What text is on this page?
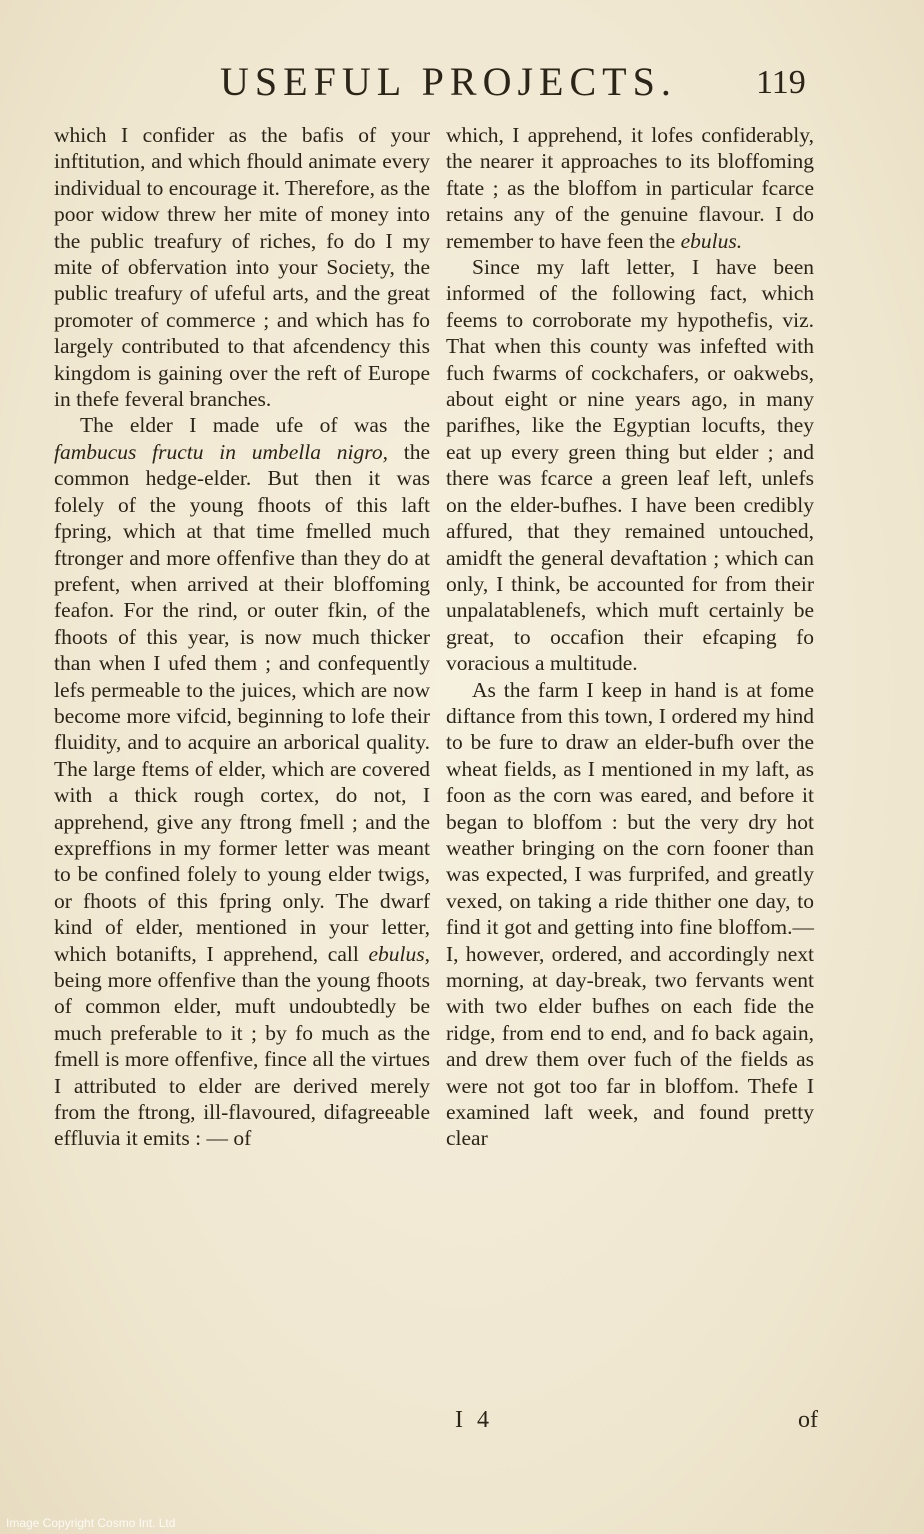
USEFUL PROJECTS. 119

which I confider as the bafis of your inftitution, and which fhould animate every individual to encourage it. Therefore, as the poor widow threw her mite of money into the public treafury of riches, fo do I my mite of obfervation into your Society, the public treafury of ufeful arts, and the great promoter of commerce ; and which has fo largely contributed to that afcendency this kingdom is gaining over the reft of Europe in thefe feveral branches.

The elder I made ufe of was the fambucus fructu in umbella nigro, the common hedge-elder. But then it was folely of the young fhoots of this laft fpring, which at that time fmelled much ftronger and more offenfive than they do at prefent, when arrived at their bloffoming feafon. For the rind, or outer fkin, of the fhoots of this year, is now much thicker than when I ufed them ; and confequently lefs permeable to the juices, which are now become more vifcid, beginning to lofe their fluidity, and to acquire an arborical quality. The large ftems of elder, which are covered with a thick rough cortex, do not, I apprehend, give any ftrong fmell ; and the expreffions in my former letter was meant to be confined folely to young elder twigs, or fhoots of this fpring only. The dwarf kind of elder, mentioned in your letter, which botanifts, I apprehend, call ebulus, being more offenfive than the young fhoots of common elder, muft undoubtedly be much preferable to it ; by fo much as the fmell is more offenfive, fince all the virtues I attributed to elder are derived merely from the ftrong, ill-flavoured, difagreeable effluvia it emits : — of

which, I apprehend, it lofes confiderably, the nearer it approaches to its bloffoming ftate ; as the bloffom in particular fcarce retains any of the genuine flavour. I do remember to have feen the ebulus.

Since my laft letter, I have been informed of the following fact, which feems to corroborate my hypothefis, viz. That when this county was infefted with fuch fwarms of cockchafers, or oakwebs, about eight or nine years ago, in many parifhes, like the Egyptian locufts, they eat up every green thing but elder ; and there was fcarce a green leaf left, unlefs on the elder-bufhes. I have been credibly affured, that they remained untouched, amidft the general devaftation ; which can only, I think, be accounted for from their unpalatablenefs, which muft certainly be great, to occafion their efcaping fo voracious a multitude.

As the farm I keep in hand is at fome diftance from this town, I ordered my hind to be fure to draw an elder-bufh over the wheat fields, as I mentioned in my laft, as foon as the corn was eared, and before it began to bloffom : but the very dry hot weather bringing on the corn fooner than was expected, I was furprifed, and greatly vexed, on taking a ride thither one day, to find it got and getting into fine bloffom.— I, however, ordered, and accordingly next morning, at day-break, two fervants went with two elder bufhes on each fide the ridge, from end to end, and fo back again, and drew them over fuch of the fields as were not got too far in bloffom. Thefe I examined laft week, and found pretty clear

I 4	of
Image Copyright Cosmo Int. Ltd
